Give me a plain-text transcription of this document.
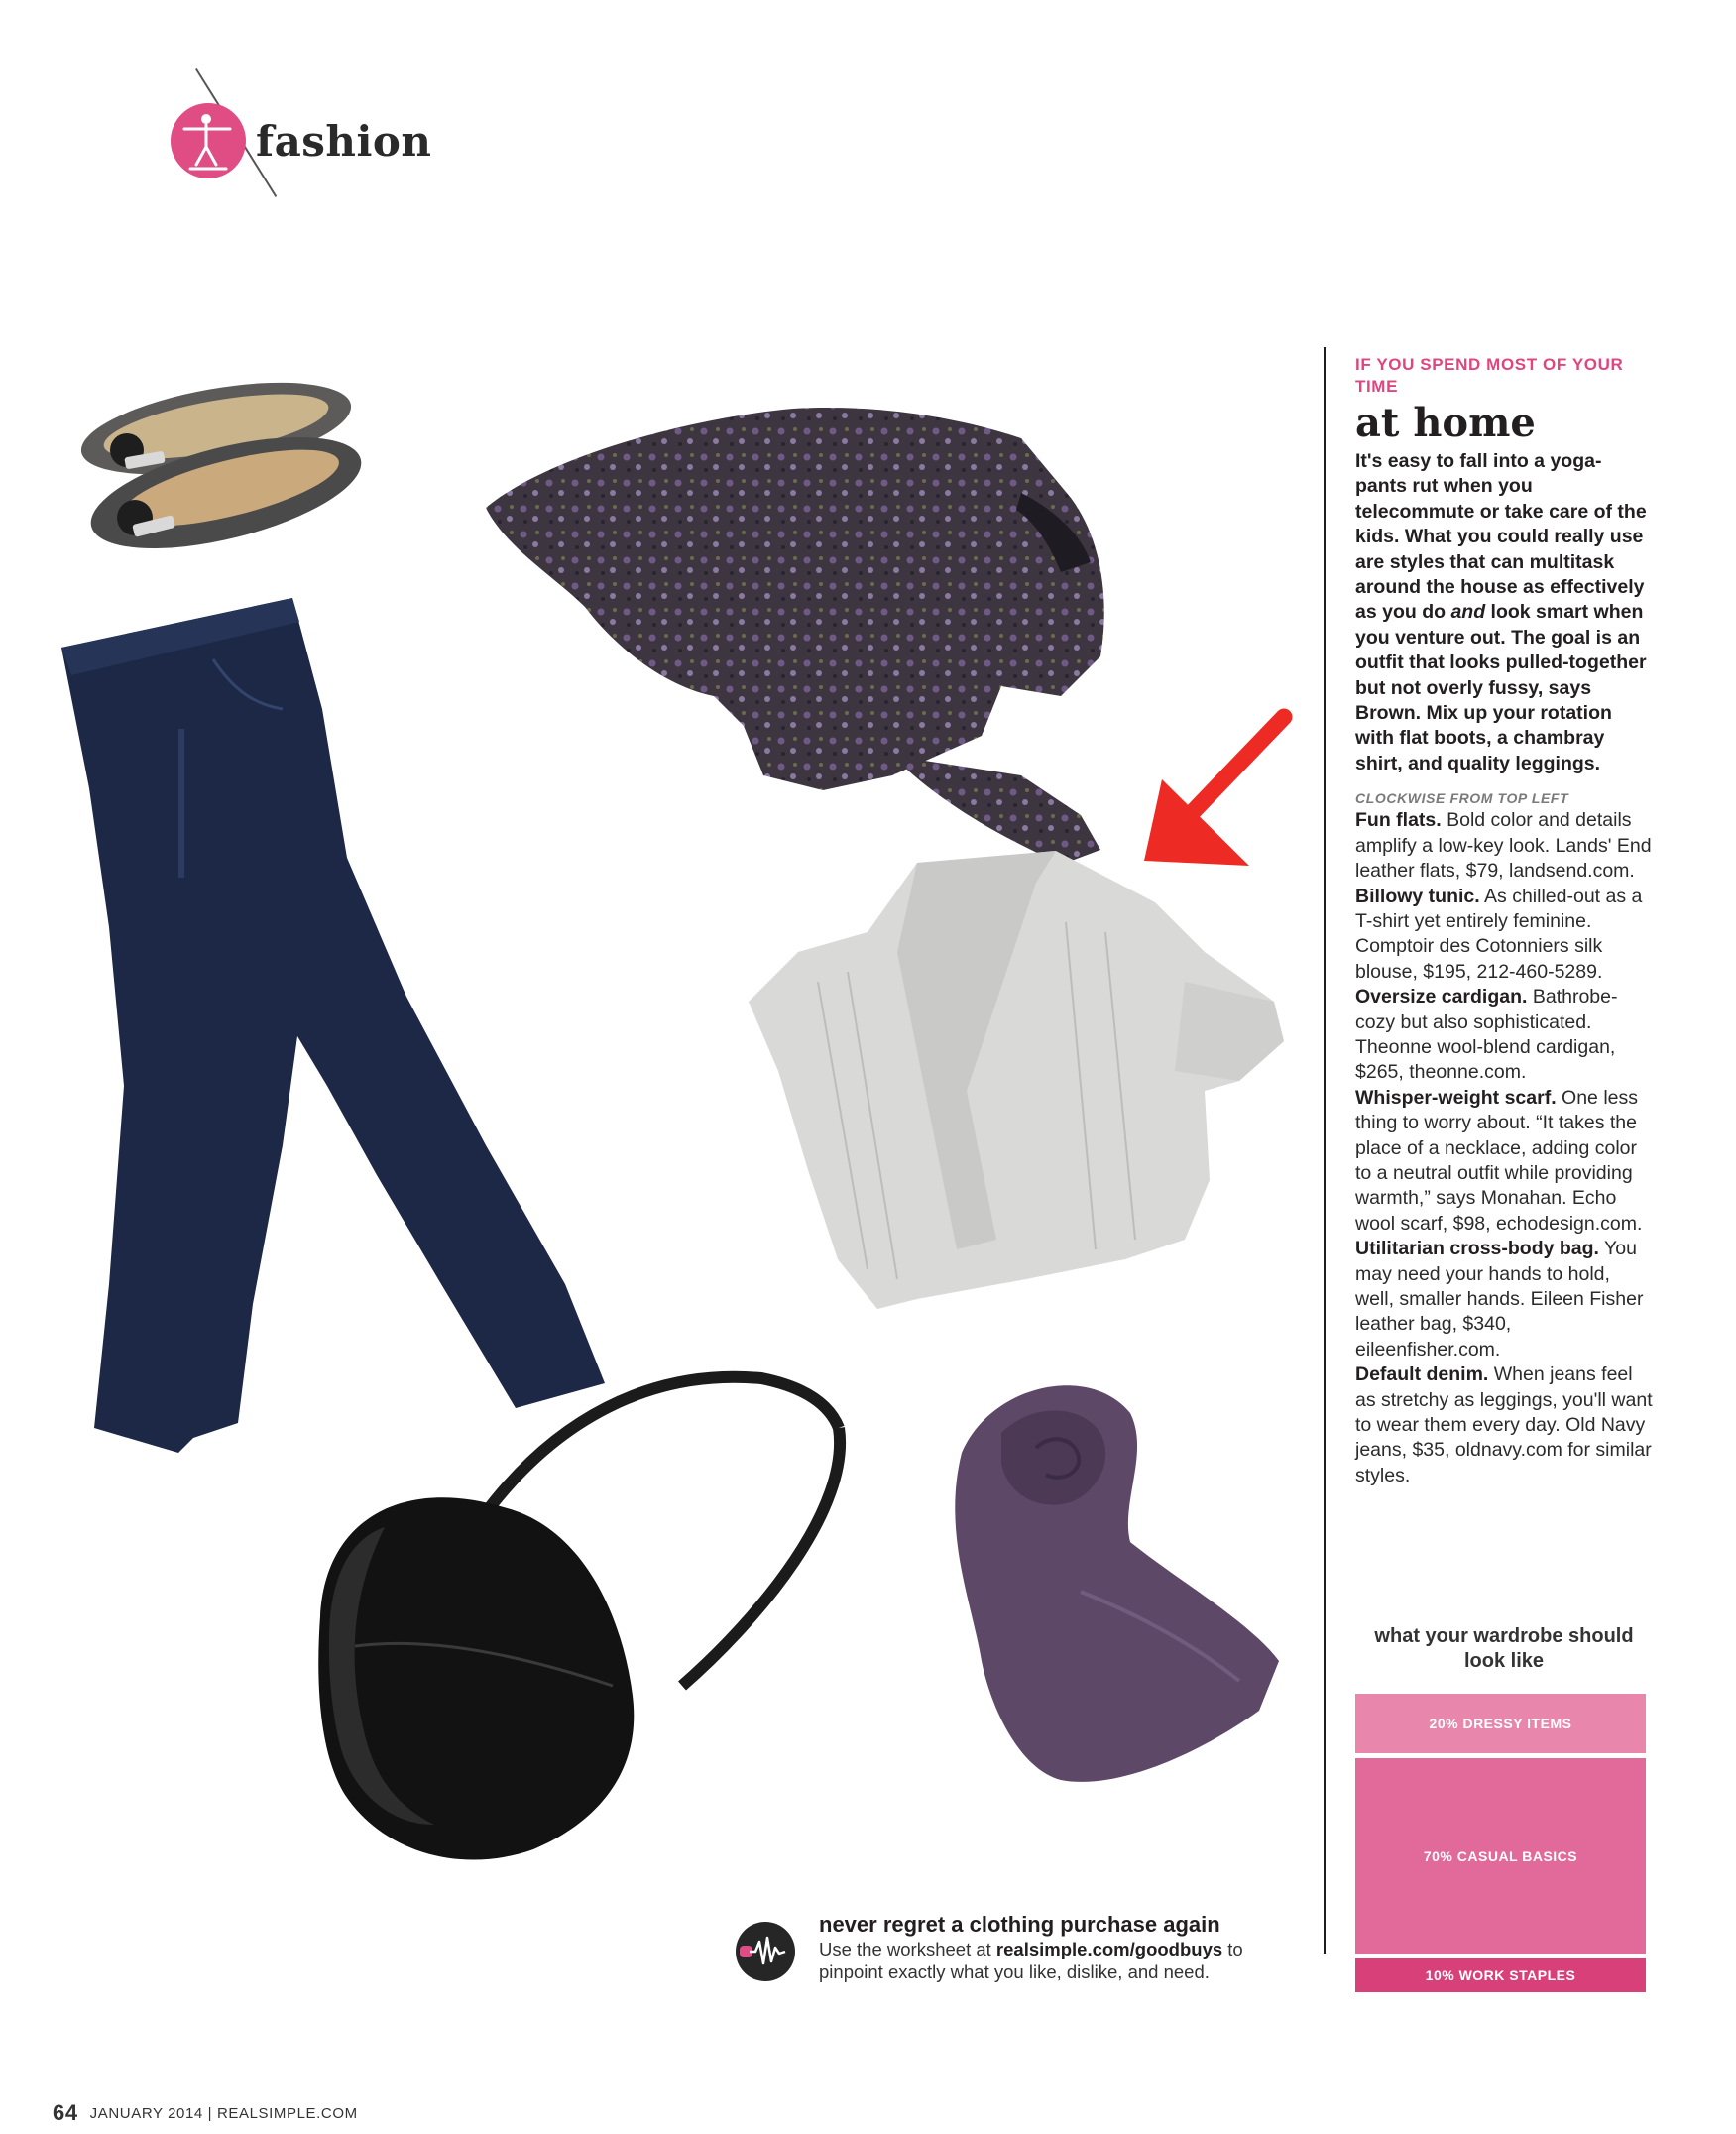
fashion
IF YOU SPEND MOST OF YOUR TIME
at home

It's easy to fall into a yoga-pants rut when you telecommute or take care of the kids. What you could really use are styles that can multitask around the house as effectively as you do and look smart when you venture out. The goal is an outfit that looks pulled-together but not overly fussy, says Brown. Mix up your rotation with flat boots, a chambray shirt, and quality leggings.

CLOCKWISE FROM TOP LEFT
Fun flats. Bold color and details amplify a low-key look. Lands' End leather flats, $79, landsend.com.
Billowy tunic. As chilled-out as a T-shirt yet entirely feminine. Comptoir des Cotonniers silk blouse, $195, 212-460-5289.
Oversize cardigan. Bathrobe-cozy but also sophisticated. Theonne wool-blend cardigan, $265, theonne.com.
Whisper-weight scarf. One less thing to worry about. “It takes the place of a necklace, adding color to a neutral outfit while providing warmth,” says Monahan. Echo wool scarf, $98, echodesign.com.
Utilitarian cross-body bag. You may need your hands to hold, well, smaller hands. Eileen Fisher leather bag, $340, eileenfisher.com.
Default denim. When jeans feel as stretchy as leggings, you'll want to wear them every day. Old Navy jeans, $35, oldnavy.com for similar styles.
what your wardrobe should look like
20% DRESSY ITEMS
70% CASUAL BASICS
10% WORK STAPLES
never regret a clothing purchase again
Use the worksheet at realsimple.com/goodbuys to pinpoint exactly what you like, dislike, and need.
64 JANUARY 2014 | REALSIMPLE.COM
